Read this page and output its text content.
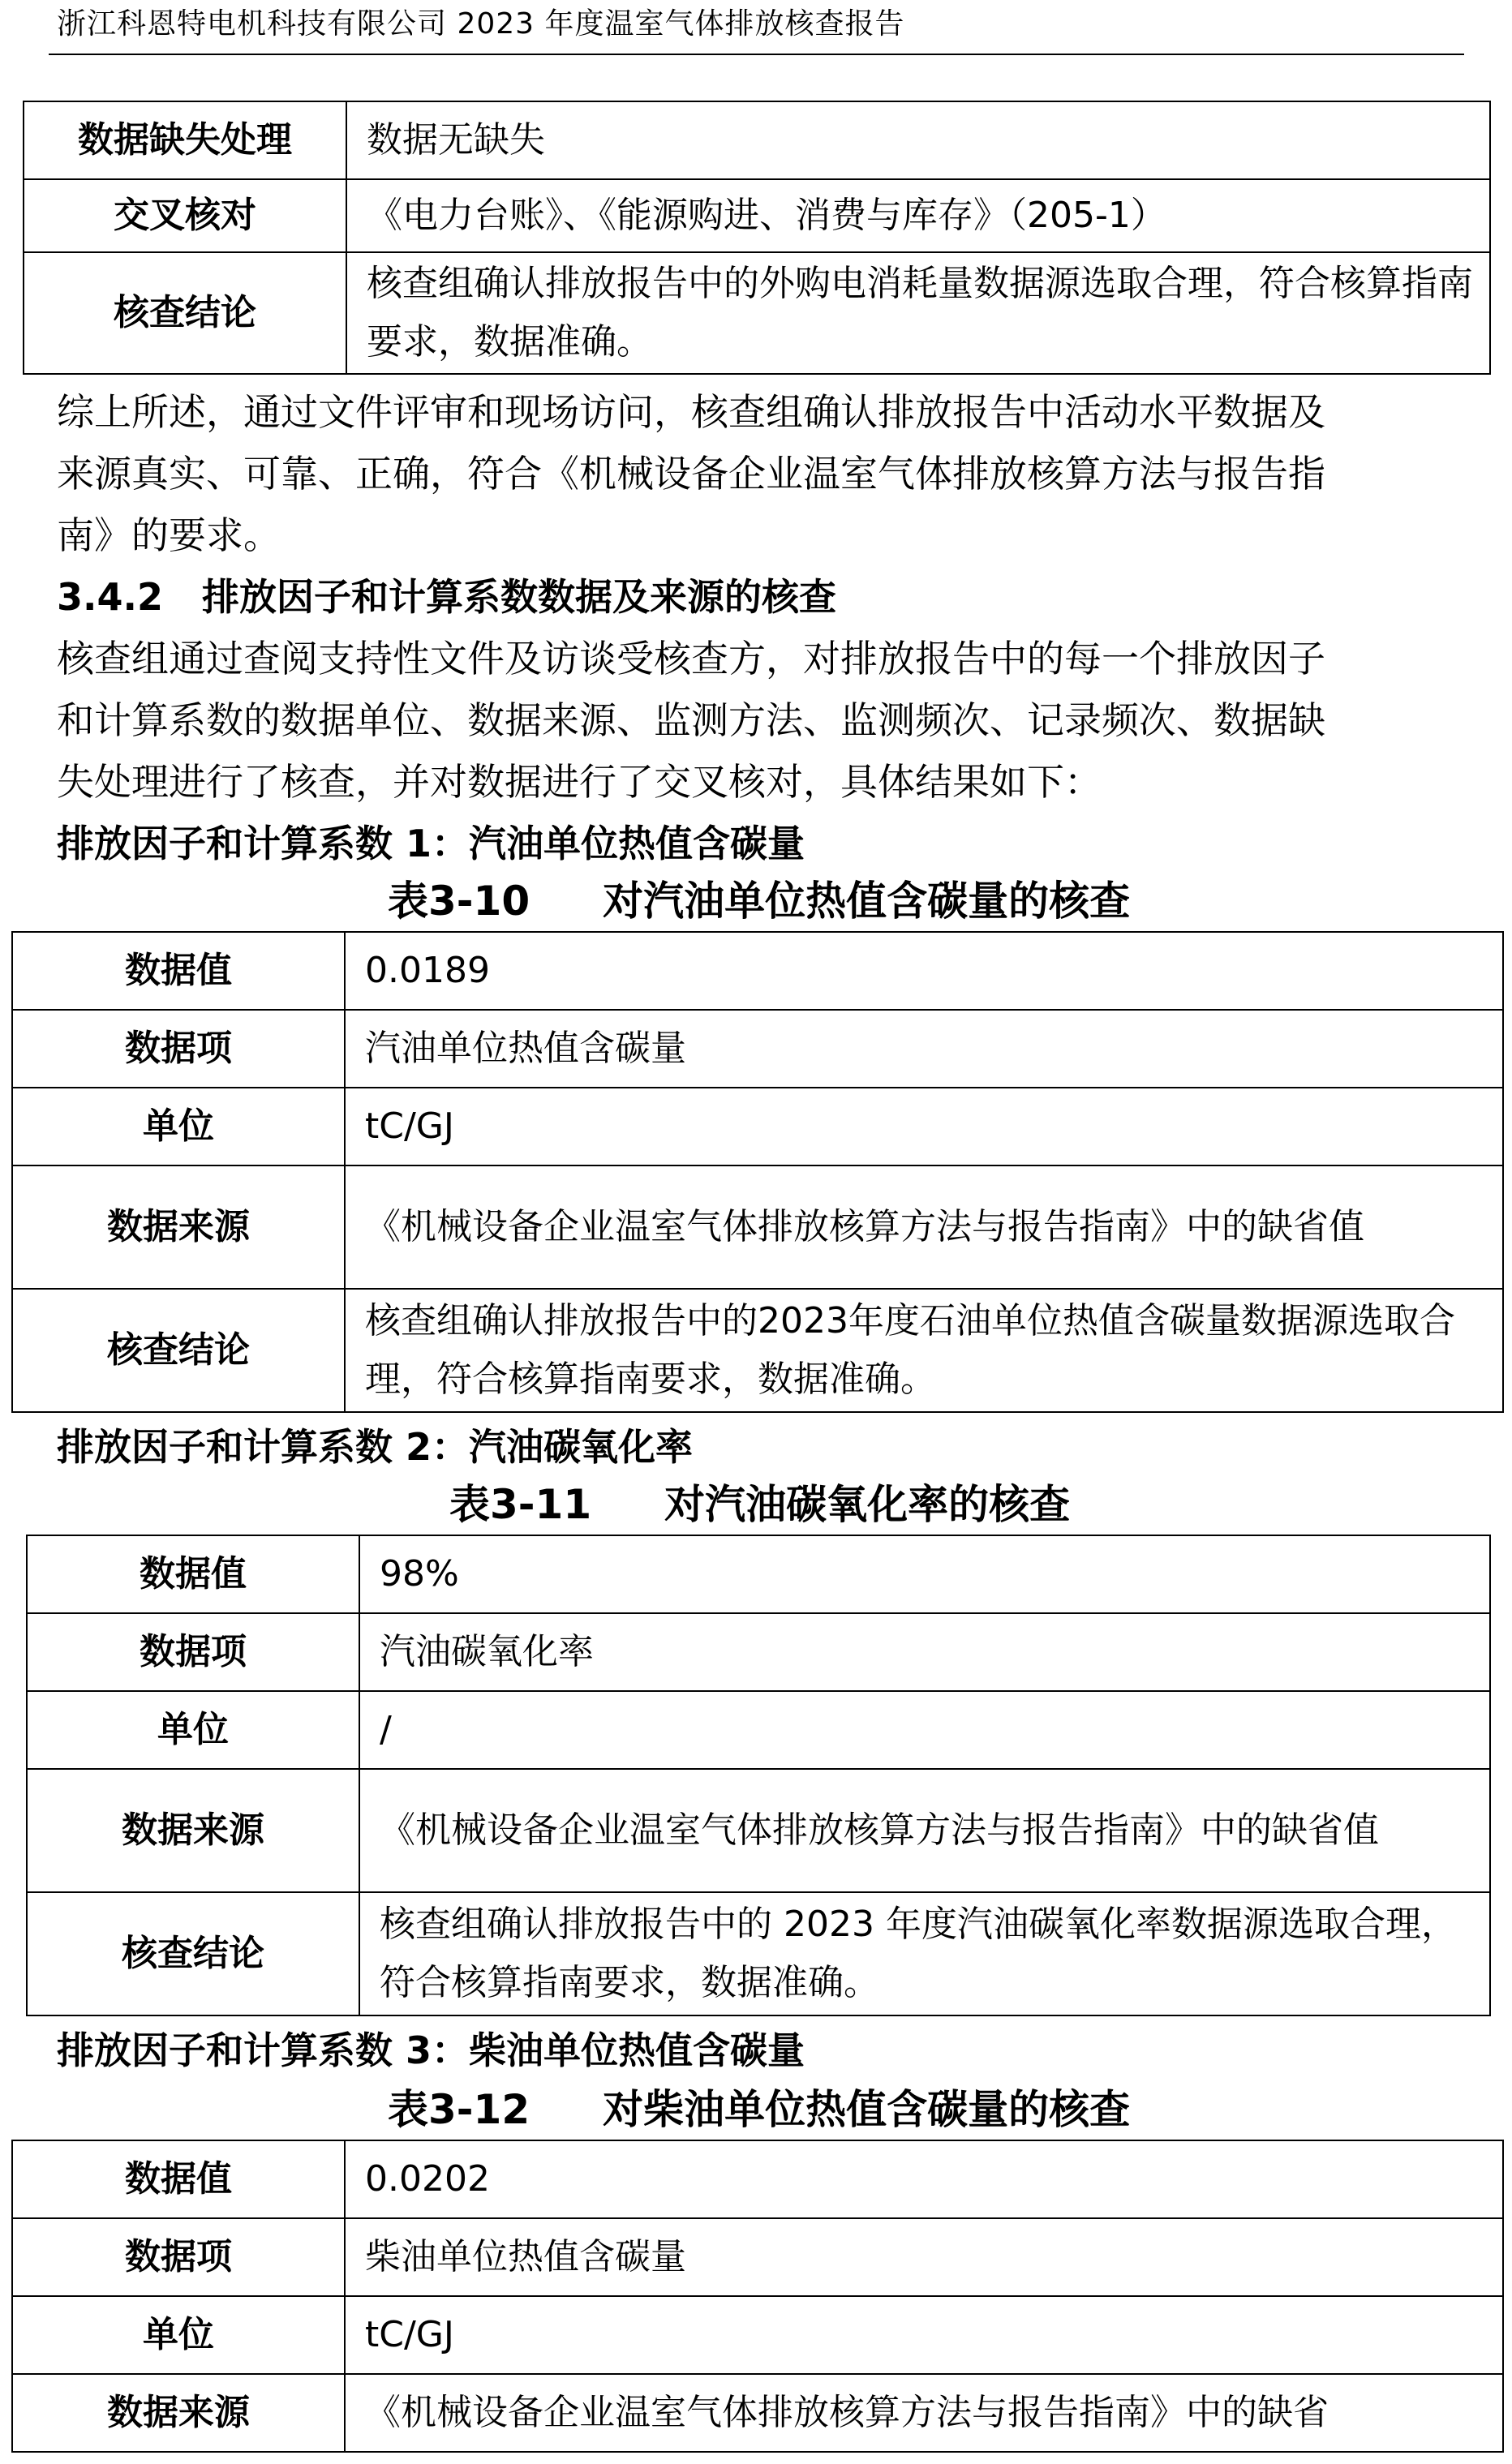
浙江科恩特电机科技有限公司 2023 年度温室气体排放核查报告
数据缺失处理	数据无缺失
交叉核对	《电力台账》、《能源购进、消费与库存》（205-1）
核查结论	核查组确认排放报告中的外购电消耗量数据源选取合理，符合核算指南要求，数据准确。
综上所述，通过文件评审和现场访问，核查组确认排放报告中活动水平数据及
来源真实、可靠、正确，符合《机械设备企业温室气体排放核算方法与报告指
南》的要求。
3.4.2 排放因子和计算系数数据及来源的核查
核查组通过查阅支持性文件及访谈受核查方，对排放报告中的每一个排放因子
和计算系数的数据单位、数据来源、监测方法、监测频次、记录频次、数据缺
失处理进行了核查，并对数据进行了交叉核对，具体结果如下：
排放因子和计算系数 1：汽油单位热值含碳量
表3-10 对汽油单位热值含碳量的核查
数据值	0.0189
数据项	汽油单位热值含碳量
单位	tC/GJ
数据来源	《机械设备企业温室气体排放核算方法与报告指南》中的缺省值
核查结论	核查组确认排放报告中的2023年度石油单位热值含碳量数据源选取合理，符合核算指南要求，数据准确。
排放因子和计算系数 2：汽油碳氧化率
表3-11 对汽油碳氧化率的核查
数据值	98%
数据项	汽油碳氧化率
单位	/
数据来源	《机械设备企业温室气体排放核算方法与报告指南》中的缺省值
核查结论	核查组确认排放报告中的 2023 年度汽油碳氧化率数据源选取合理，符合核算指南要求，数据准确。
排放因子和计算系数 3：柴油单位热值含碳量
表3-12 对柴油单位热值含碳量的核查
数据值	0.0202
数据项	柴油单位热值含碳量
单位	tC/GJ
数据来源	《机械设备企业温室气体排放核算方法与报告指南》中的缺省
